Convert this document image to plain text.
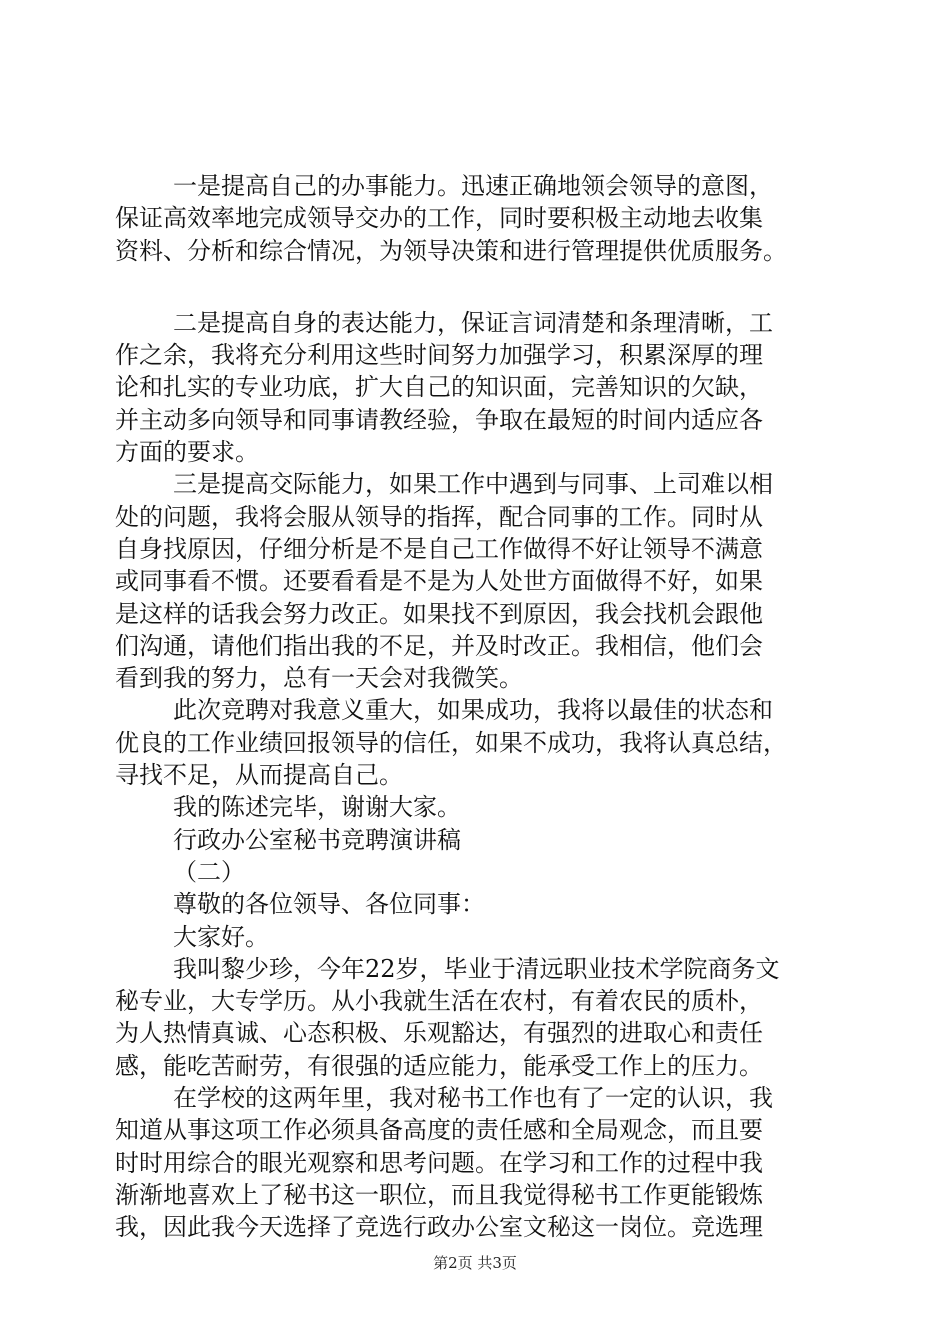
一是提高自己的办事能力。迅速正确地领会领导的意图，
保证高效率地完成领导交办的工作，同时要积极主动地去收集
资料、分析和综合情况，为领导决策和进行管理提供优质服务。

二是提高自身的表达能力，保证言词清楚和条理清晰，工
作之余，我将充分利用这些时间努力加强学习，积累深厚的理
论和扎实的专业功底，扩大自己的知识面，完善知识的欠缺，
并主动多向领导和同事请教经验，争取在最短的时间内适应各
方面的要求。

三是提高交际能力，如果工作中遇到与同事、上司难以相
处的问题，我将会服从领导的指挥，配合同事的工作。同时从
自身找原因，仔细分析是不是自己工作做得不好让领导不满意
或同事看不惯。还要看看是不是为人处世方面做得不好，如果
是这样的话我会努力改正。如果找不到原因，我会找机会跟他
们沟通，请他们指出我的不足，并及时改正。我相信，他们会
看到我的努力，总有一天会对我微笑。

此次竞聘对我意义重大，如果成功，我将以最佳的状态和
优良的工作业绩回报领导的信任，如果不成功，我将认真总结，
寻找不足，从而提高自己。

我的陈述完毕，谢谢大家。

行政办公室秘书竞聘演讲稿

（二）

尊敬的各位领导、各位同事：

大家好。

我叫黎少珍，今年22岁，毕业于清远职业技术学院商务文
秘专业，大专学历。从小我就生活在农村，有着农民的质朴，
为人热情真诚、心态积极、乐观豁达，有强烈的进取心和责任
感，能吃苦耐劳，有很强的适应能力，能承受工作上的压力。

在学校的这两年里，我对秘书工作也有了一定的认识，我
知道从事这项工作必须具备高度的责任感和全局观念，而且要
时时用综合的眼光观察和思考问题。在学习和工作的过程中我
渐渐地喜欢上了秘书这一职位，而且我觉得秘书工作更能锻炼
我，因此我今天选择了竞选行政办公室文秘这一岗位。竞选理

第2页 共3页
